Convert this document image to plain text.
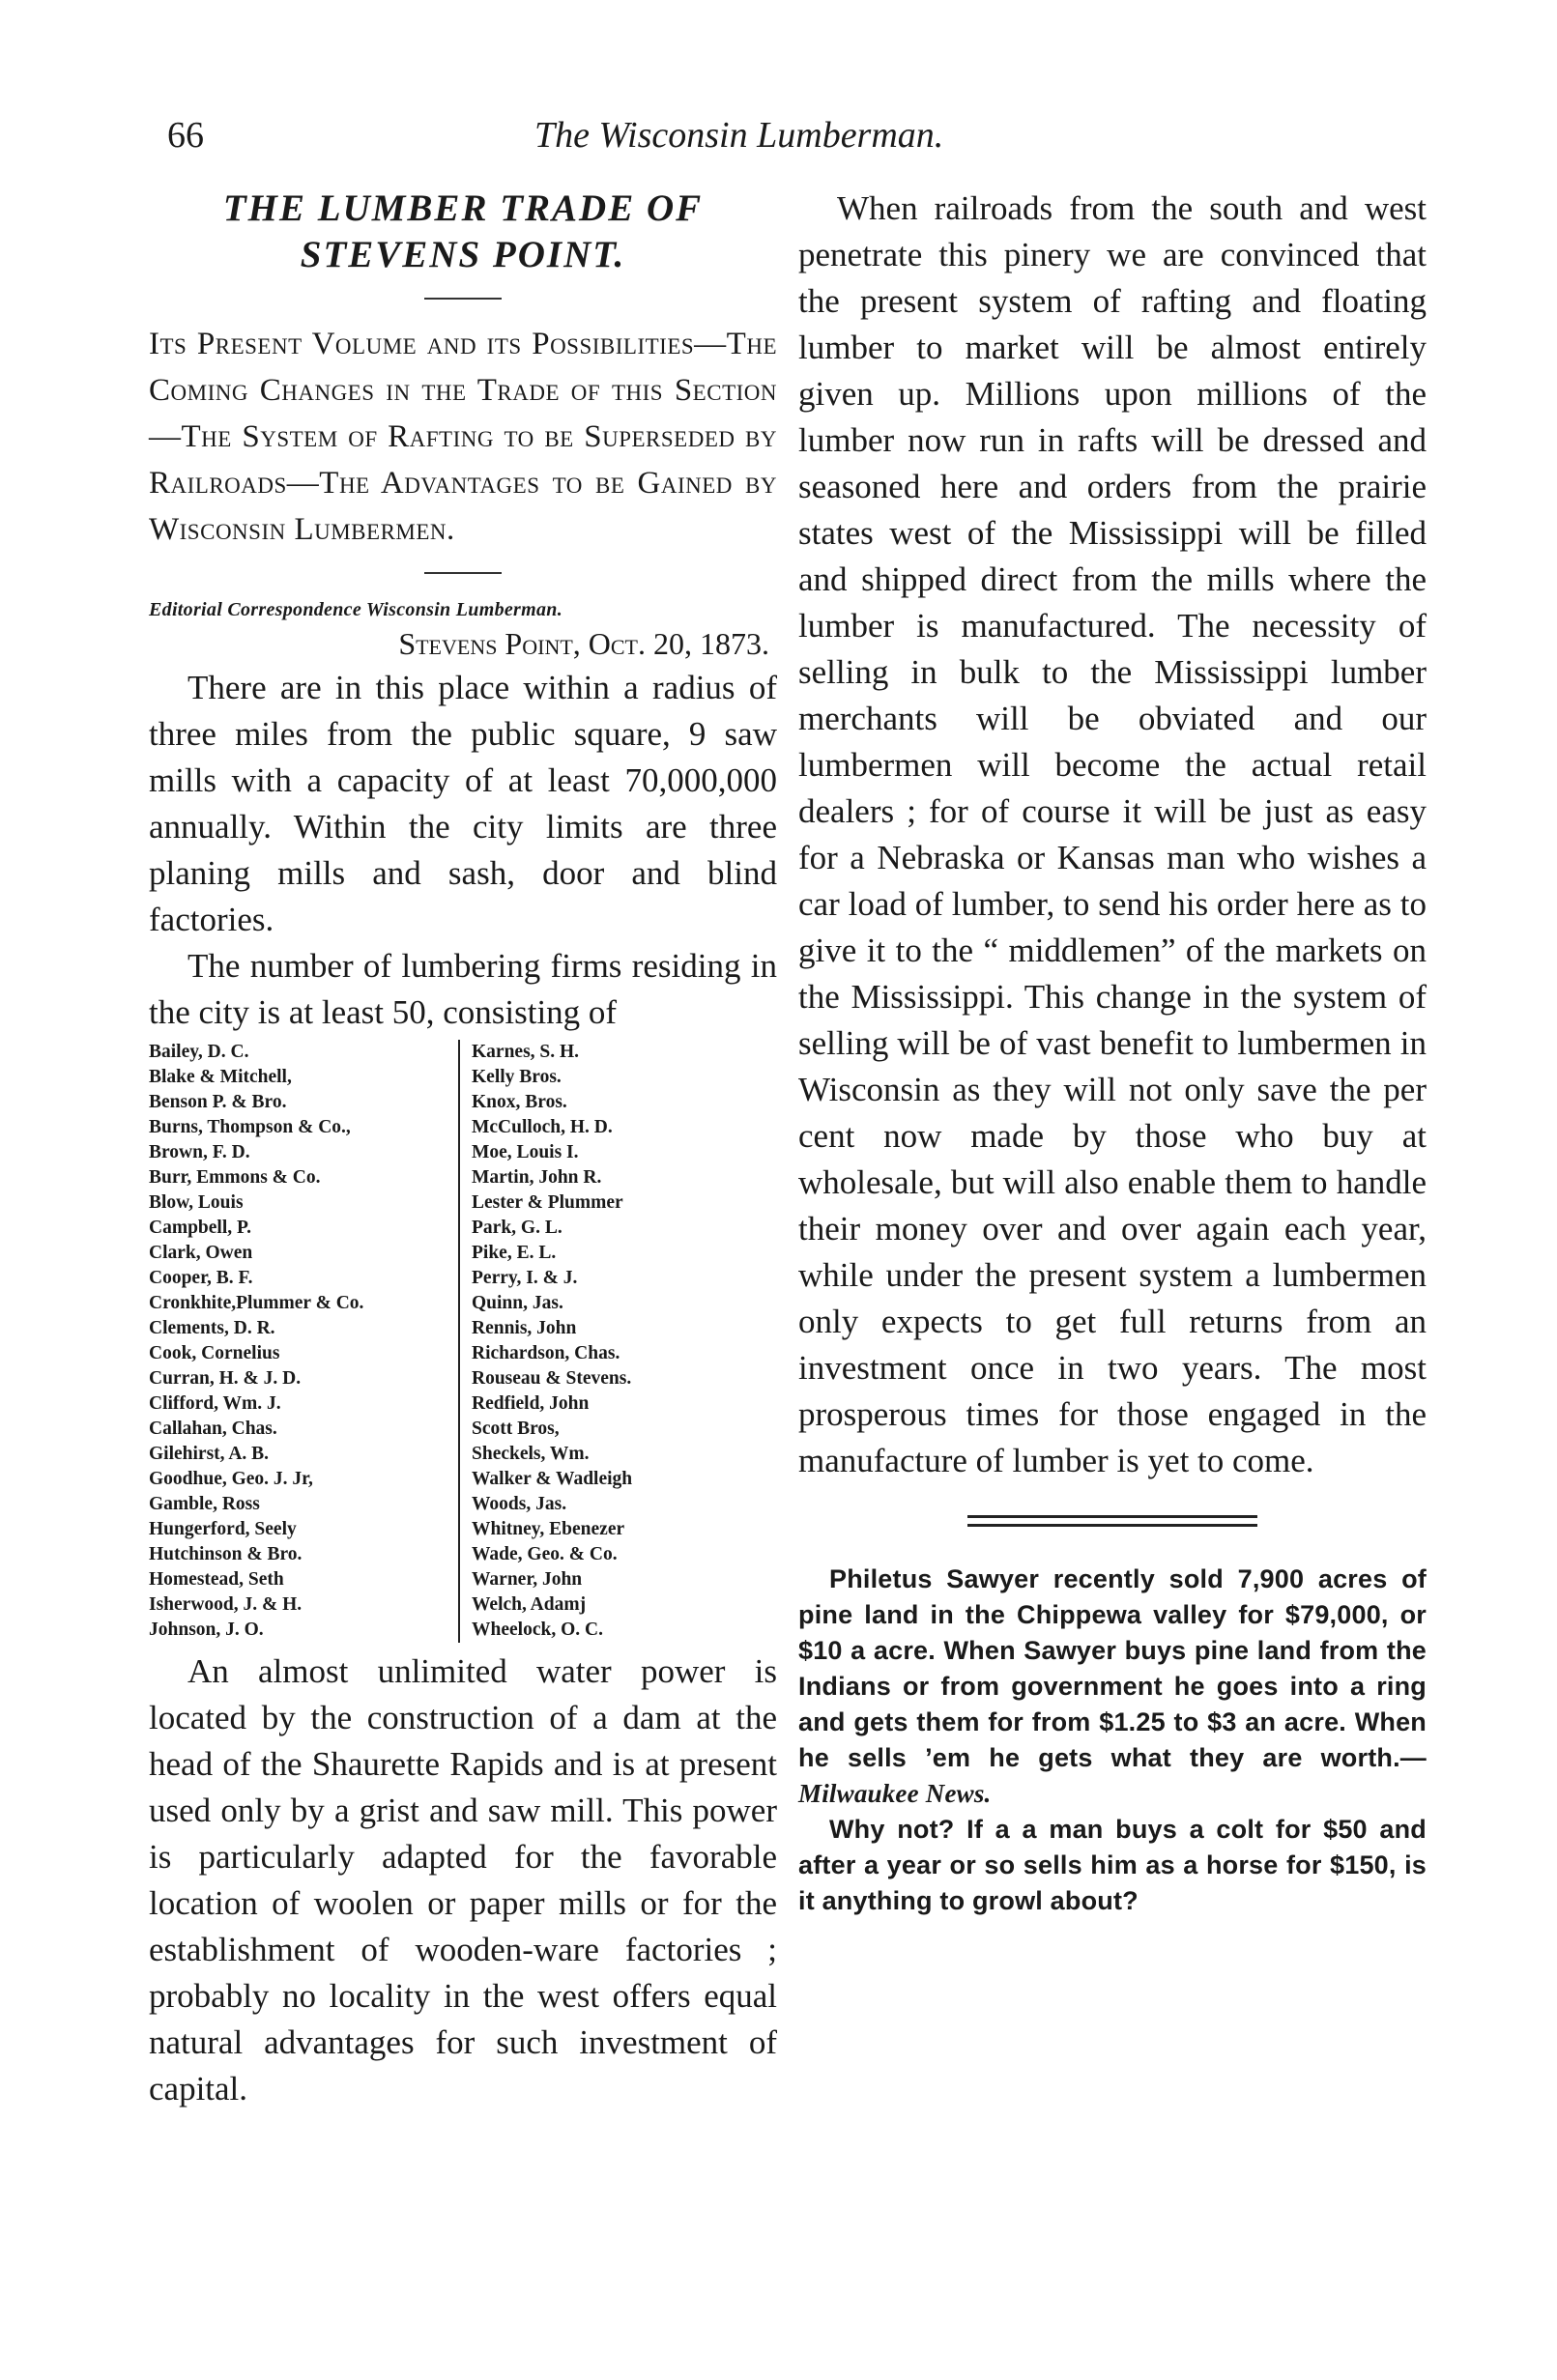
66	The Wisconsin Lumberman.
THE LUMBER TRADE OF
STEVENS POINT.

Its Present Volume and its Possibilities—The Coming Changes in the Trade of this Section—The System of Rafting to be Superseded by Railroads—The Advantages to be Gained by Wisconsin Lumbermen.

Editorial Correspondence Wisconsin Lumberman.

Stevens Point, Oct. 20, 1873.

There are in this place within a radius of three miles from the public square, 9 saw mills with a capacity of at least 70,000,000 annually. Within the city limits are three planing mills and sash, door and blind factories.

The number of lumbering firms residing in the city is at least 50, consisting of

Bailey, D. C.
Blake & Mitchell,
Benson P. & Bro.
Burns, Thompson & Co.,
Brown, F. D.
Burr, Emmons & Co.
Blow, Louis
Campbell, P.
Clark, Owen
Cooper, B. F.
Cronkhite,Plummer & Co.
Clements, D. R.
Cook, Cornelius
Curran, H. & J. D.
Clifford, Wm. J.
Callahan, Chas.
Gilehirst, A. B.
Goodhue, Geo. J. Jr,
Gamble, Ross
Hungerford, Seely
Hutchinson & Bro.
Homestead, Seth
Isherwood, J. & H.
Johnson, J. O.
Karnes, S. H.
Kelly Bros.
Knox, Bros.
McCulloch, H. D.
Moe, Louis I.
Martin, John R.
Lester & Plummer
Park, G. L.
Pike, E. L.
Perry, I. & J.
Quinn, Jas.
Rennis, John
Richardson, Chas.
Rouseau & Stevens.
Redfield, John
Scott Bros,
Sheckels, Wm.
Walker & Wadleigh
Woods, Jas.
Whitney, Ebenezer
Wade, Geo. & Co.
Warner, John
Welch, Adamj
Wheelock, O. C.

An almost unlimited water power is located by the construction of a dam at the head of the Shaurette Rapids and is at present used only by a grist and saw mill. This power is particularly adapted for the favorable location of woolen or paper mills or for the establishment of wooden-ware factories ; probably no locality in the west offers equal natural advantages for such investment of capital.

When railroads from the south and west penetrate this pinery we are convinced that the present system of rafting and floating lumber to market will be almost entirely given up. Millions upon millions of the lumber now run in rafts will be dressed and seasoned here and orders from the prairie states west of the Mississippi will be filled and shipped direct from the mills where the lumber is manufactured. The necessity of selling in bulk to the Mississippi lumber merchants will be obviated and our lumbermen will become the actual retail dealers ; for of course it will be just as easy for a Nebraska or Kansas man who wishes a car load of lumber, to send his order here as to give it to the “ middlemen” of the markets on the Mississippi. This change in the system of selling will be of vast benefit to lumbermen in Wisconsin as they will not only save the per cent now made by those who buy at wholesale, but will also enable them to handle their money over and over again each year, while under the present system a lumbermen only expects to get full returns from an investment once in two years. The most prosperous times for those engaged in the manufacture of lumber is yet to come.

Philetus Sawyer recently sold 7,900 acres of pine land in the Chippewa valley for $79,000, or $10 a acre. When Sawyer buys pine land from the Indians or from government he goes into a ring and gets them for from $1.25 to $3 an acre. When he sells ’em he gets what they are worth.—Milwaukee News.

Why not? If a a man buys a colt for $50 and after a year or so sells him as a horse for $150, is it anything to growl about?
